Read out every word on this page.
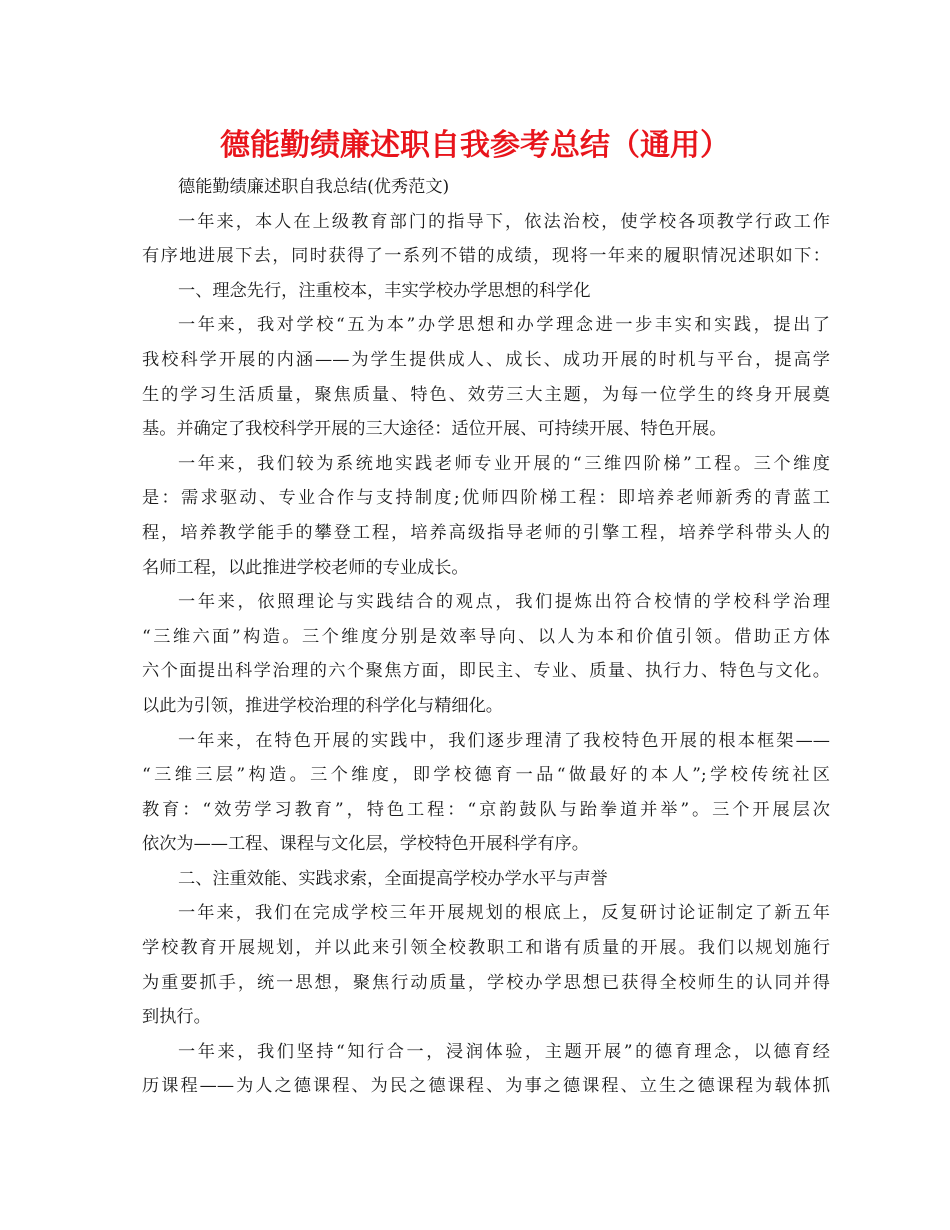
德能勤绩廉述职自我参考总结（通用）
德能勤绩廉述职自我总结(优秀范文)
一年来，本人在上级教育部门的指导下，依法治校，使学校各项教学行政工作
有序地进展下去，同时获得了一系列不错的成绩，现将一年来的履职情况述职如下：
一、理念先行，注重校本，丰实学校办学思想的科学化
一年来，我对学校“五为本”办学思想和办学理念进一步丰实和实践，提出了
我校科学开展的内涵——为学生提供成人、成长、成功开展的时机与平台，提高学
生的学习生活质量，聚焦质量、特色、效劳三大主题，为每一位学生的终身开展奠
基。并确定了我校科学开展的三大途径：适位开展、可持续开展、特色开展。
一年来，我们较为系统地实践老师专业开展的“三维四阶梯”工程。三个维度
是：需求驱动、专业合作与支持制度;优师四阶梯工程：即培养老师新秀的青蓝工
程，培养教学能手的攀登工程，培养高级指导老师的引擎工程，培养学科带头人的
名师工程，以此推进学校老师的专业成长。
一年来，依照理论与实践结合的观点，我们提炼出符合校情的学校科学治理
“三维六面”构造。三个维度分别是效率导向、以人为本和价值引领。借助正方体
六个面提出科学治理的六个聚焦方面，即民主、专业、质量、执行力、特色与文化。
以此为引领，推进学校治理的科学化与精细化。
一年来，在特色开展的实践中，我们逐步理清了我校特色开展的根本框架——
“三维三层”构造。三个维度，即学校德育一品“做最好的本人”;学校传统社区
教育：“效劳学习教育”，特色工程：“京韵鼓队与跆拳道并举”。三个开展层次
依次为——工程、课程与文化层，学校特色开展科学有序。
二、注重效能、实践求索，全面提高学校办学水平与声誉
一年来，我们在完成学校三年开展规划的根底上，反复研讨论证制定了新五年
学校教育开展规划，并以此来引领全校教职工和谐有质量的开展。我们以规划施行
为重要抓手，统一思想，聚焦行动质量，学校办学思想已获得全校师生的认同并得
到执行。
一年来，我们坚持“知行合一，浸润体验，主题开展”的德育理念，以德育经
历课程——为人之德课程、为民之德课程、为事之德课程、立生之德课程为载体抓
